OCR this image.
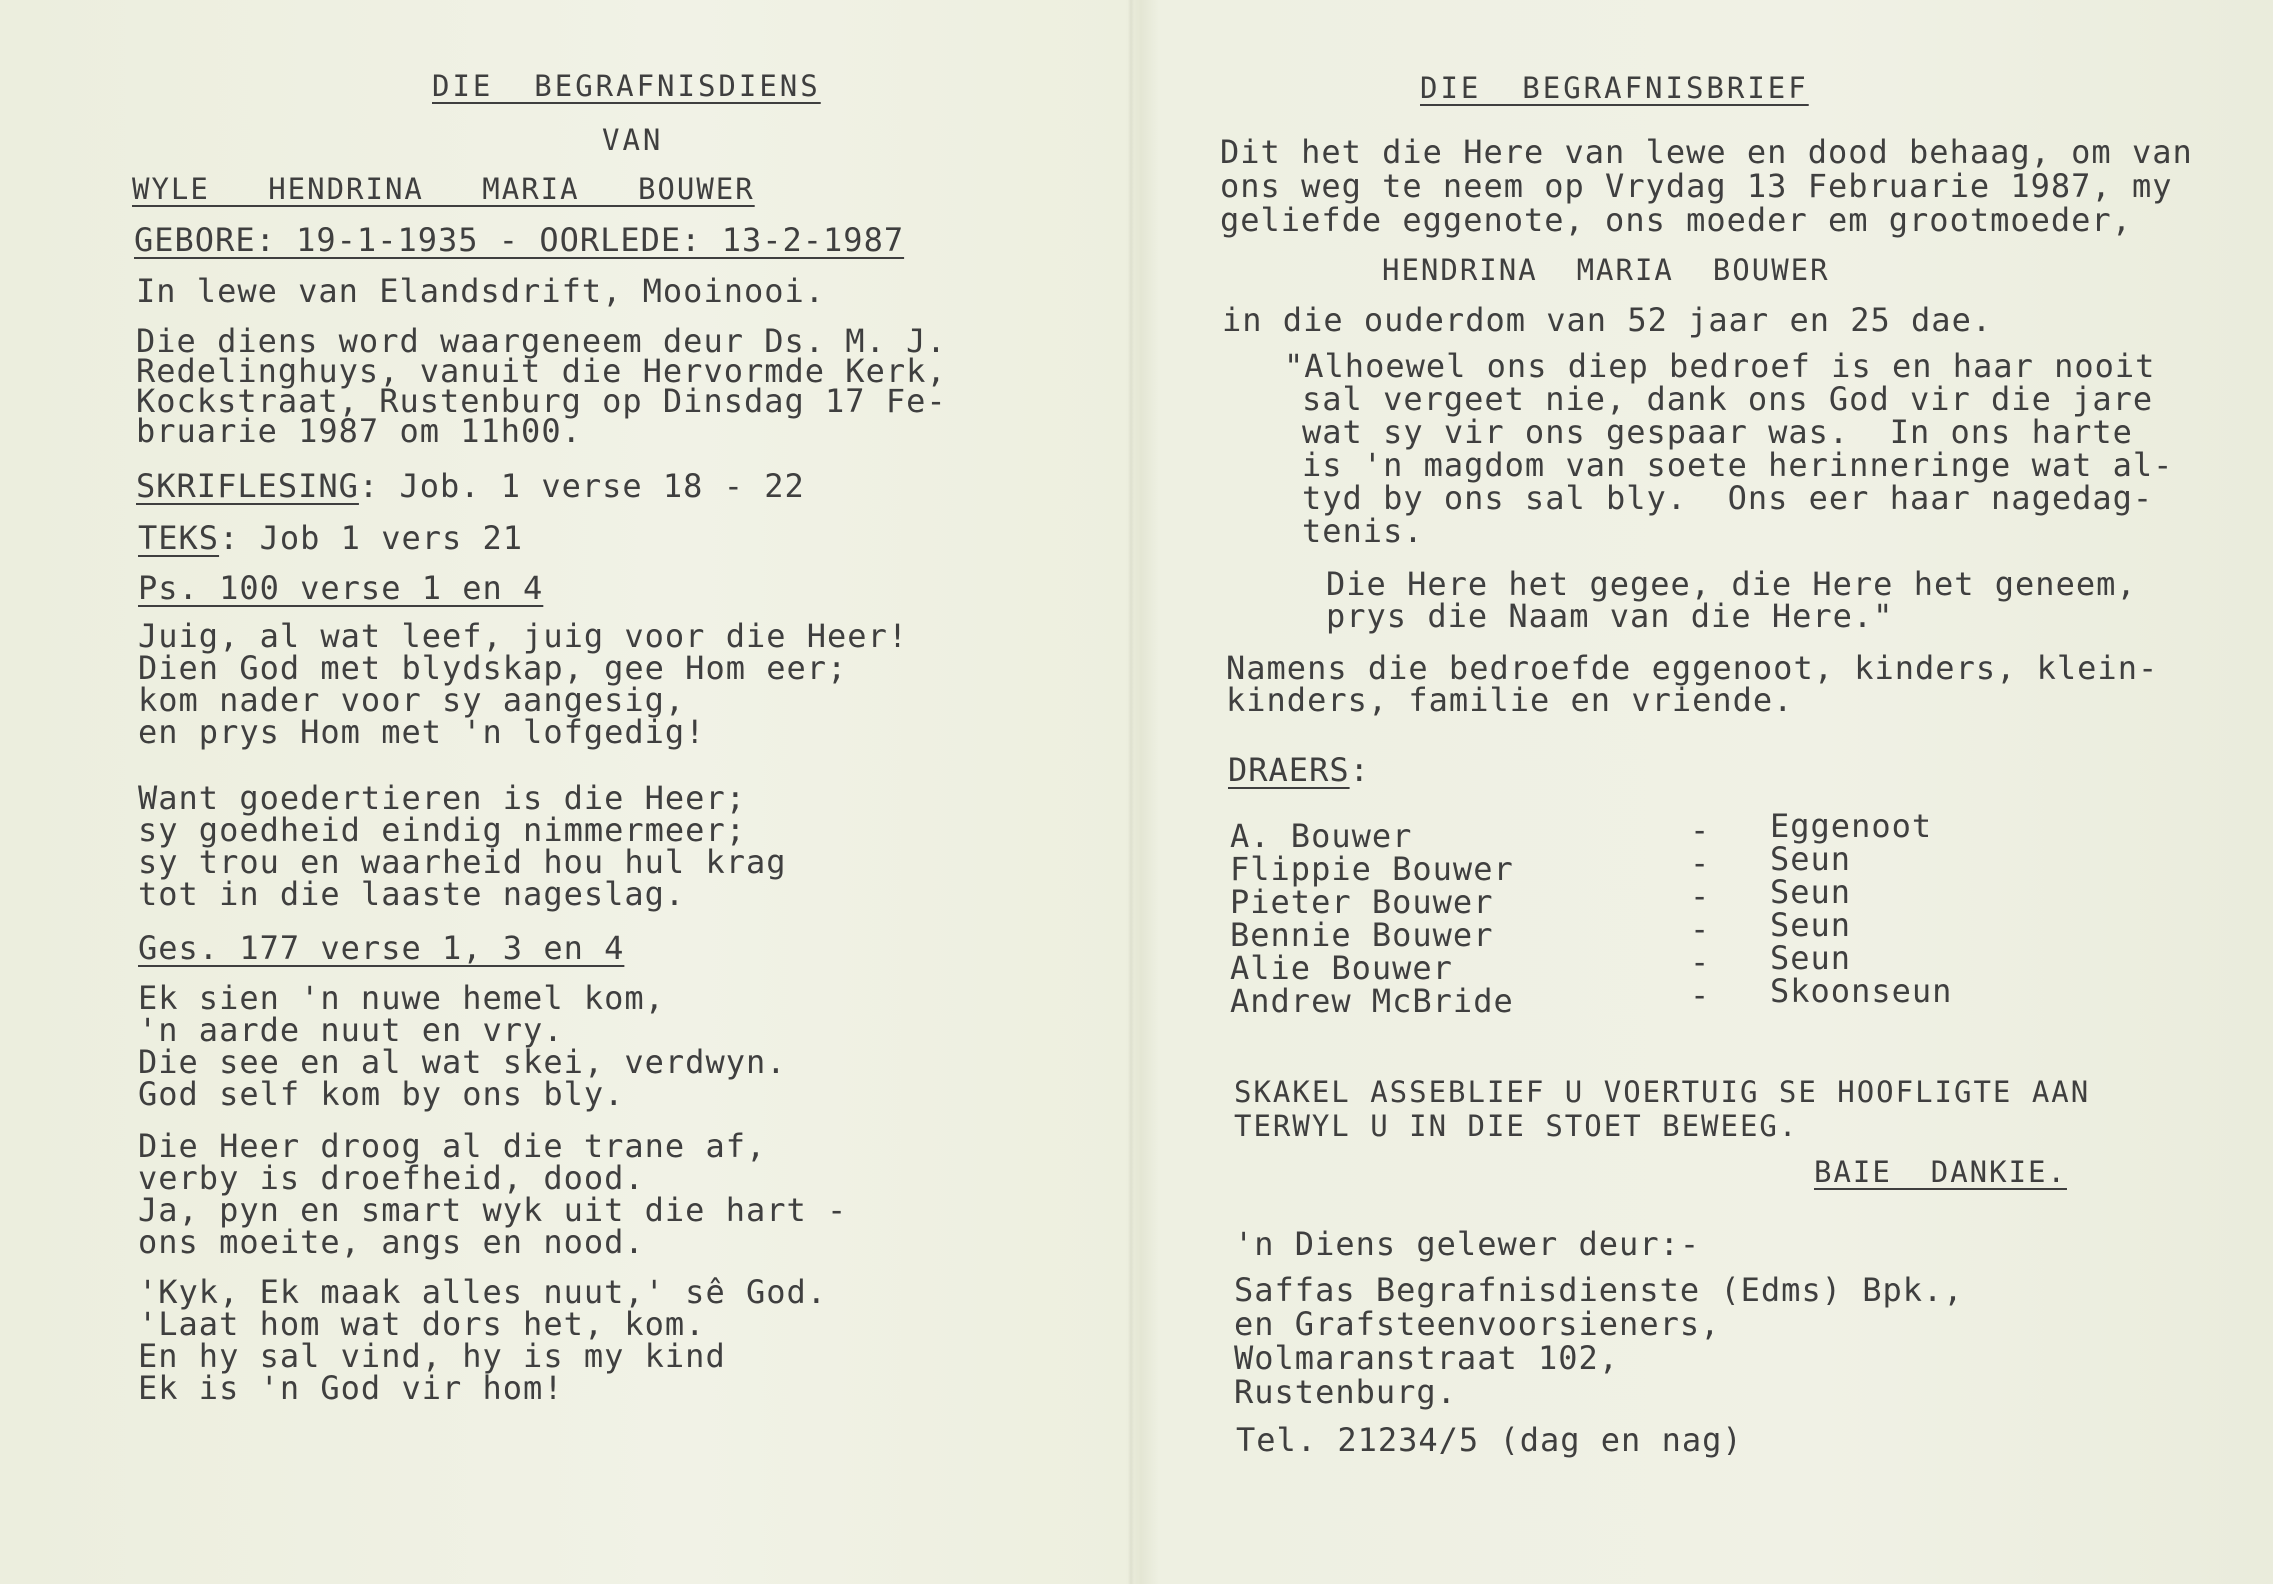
DIE  BEGRAFNISDIENS
VAN
WYLE   HENDRINA   MARIA   BOUWER
GEBORE: 19-1-1935 - OORLEDE: 13-2-1987
In lewe van Elandsdrift, Mooinooi.
Die diens word waargeneem deur Ds. M. J.
Redelinghuys, vanuit die Hervormde Kerk,
Kockstraat, Rustenburg op Dinsdag 17 Fe-
bruarie 1987 om 11h00.
SKRIFLESING: Job. 1 verse 18 - 22
TEKS: Job 1 vers 21
Ps. 100 verse 1 en 4
Juig, al wat leef, juig voor die Heer!
Dien God met blydskap, gee Hom eer;
kom nader voor sy aangesig,
en prys Hom met 'n lofgedig!
Want goedertieren is die Heer;
sy goedheid eindig nimmermeer;
sy trou en waarheid hou hul krag
tot in die laaste nageslag.
Ges. 177 verse 1, 3 en 4
Ek sien 'n nuwe hemel kom,
'n aarde nuut en vry.
Die see en al wat skei, verdwyn.
God self kom by ons bly.
Die Heer droog al die trane af,
verby is droefheid, dood.
Ja, pyn en smart wyk uit die hart -
ons moeite, angs en nood.
'Kyk, Ek maak alles nuut,' sê God.
'Laat hom wat dors het, kom.
En hy sal vind, hy is my kind
Ek is 'n God vir hom!
DIE  BEGRAFNISBRIEF
Dit het die Here van lewe en dood behaag, om van
ons weg te neem op Vrydag 13 Februarie 1987, my
geliefde eggenote, ons moeder em grootmoeder,
HENDRINA  MARIA  BOUWER
in die ouderdom van 52 jaar en 25 dae.
"Alhoewel ons diep bedroef is en haar nooit
sal vergeet nie, dank ons God vir die jare
wat sy vir ons gespaar was.  In ons harte
is 'n magdom van soete herinneringe wat al-
tyd by ons sal bly.  Ons eer haar nagedag-
tenis.
Die Here het gegee, die Here het geneem,
prys die Naam van die Here."
Namens die bedroefde eggenoot, kinders, klein-
kinders, familie en vriende.
DRAERS:
A. Bouwer	- Eggenoot
Flippie Bouwer	- Seun
Pieter Bouwer	- Seun
Bennie Bouwer	- Seun
Alie Bouwer	- Seun
Andrew McBride	- Skoonseun
SKAKEL ASSEBLIEF U VOERTUIG SE HOOFLIGTE AAN
TERWYL U IN DIE STOET BEWEEG.
BAIE  DANKIE.
'n Diens gelewer deur:-
Saffas Begrafnisdienste (Edms) Bpk.,
en Grafsteenvoorsieners,
Wolmaranstraat 102,
Rustenburg.
Tel. 21234/5 (dag en nag)
